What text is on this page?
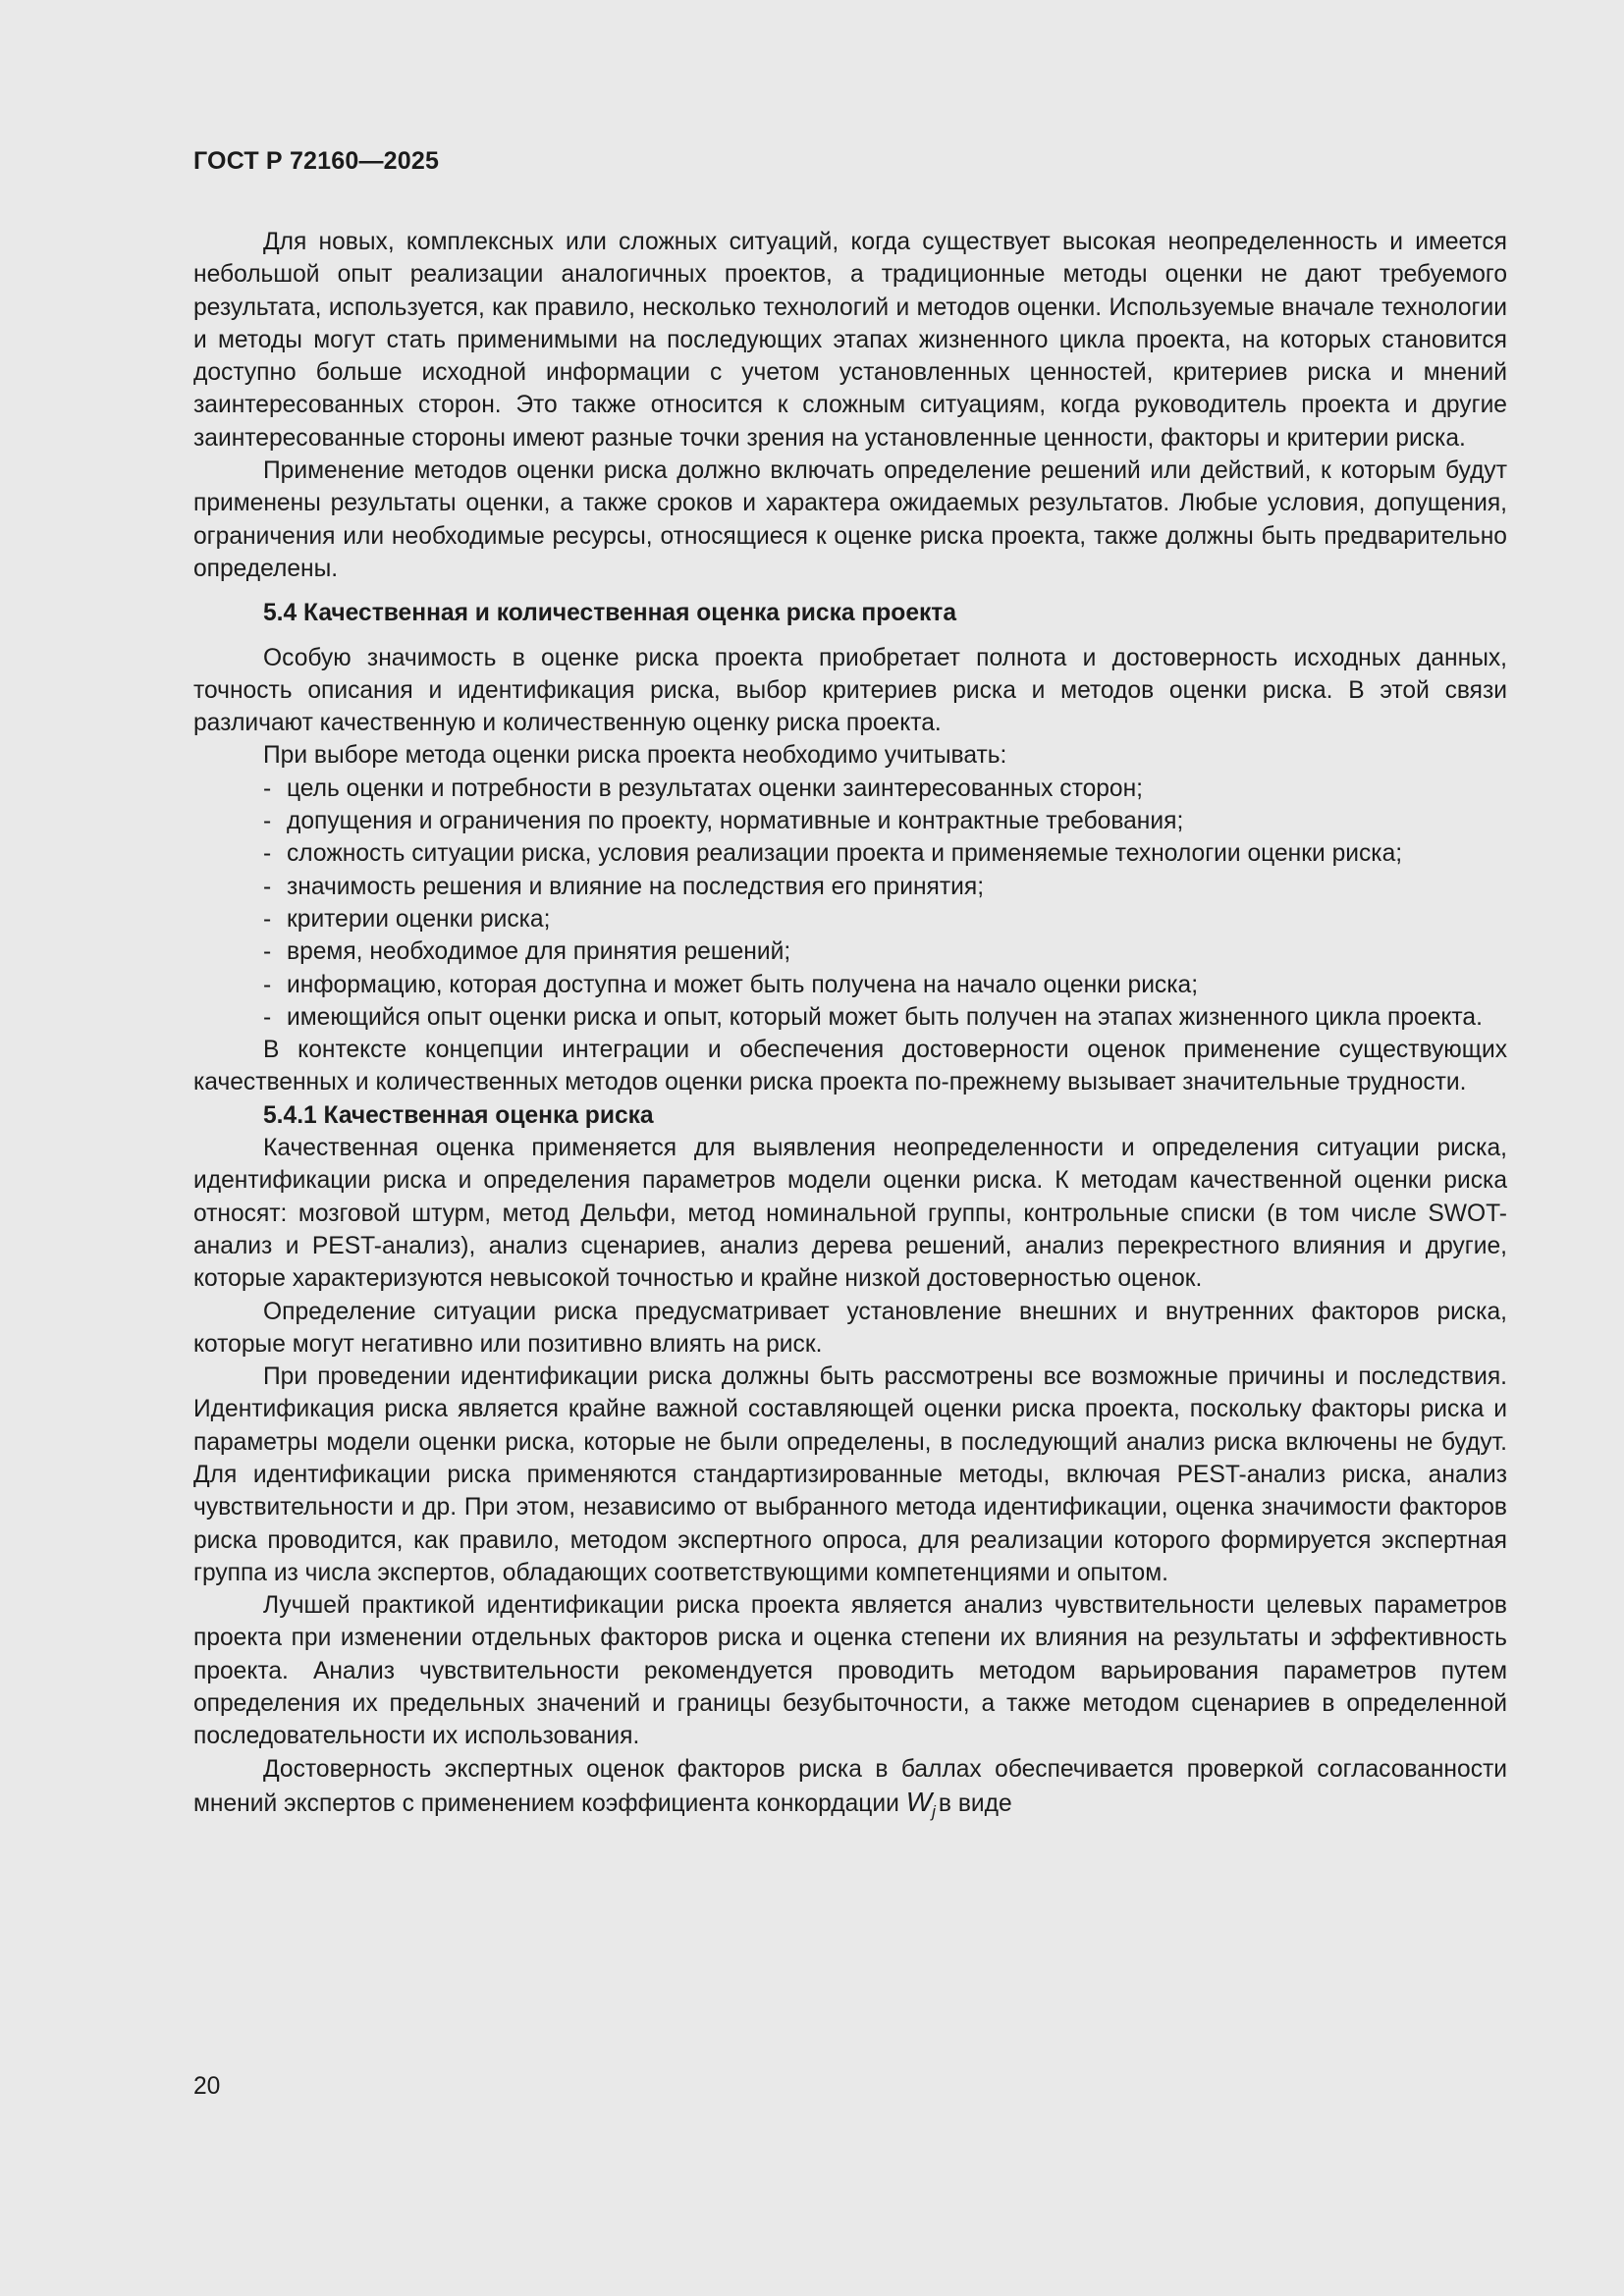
ГОСТ Р 72160—2025

Для новых, комплексных или сложных ситуаций, когда существует высокая неопределенность и имеется небольшой опыт реализации аналогичных проектов, а традиционные методы оценки не дают требуемого результата, используется, как правило, несколько технологий и методов оценки. Используемые вначале технологии и методы могут стать применимыми на последующих этапах жизненного цикла проекта, на которых становится доступно больше исходной информации с учетом установленных ценностей, критериев риска и мнений заинтересованных сторон. Это также относится к сложным ситуациям, когда руководитель проекта и другие заинтересованные стороны имеют разные точки зрения на установленные ценности, факторы и критерии риска.

Применение методов оценки риска должно включать определение решений или действий, к которым будут применены результаты оценки, а также сроков и характера ожидаемых результатов. Любые условия, допущения, ограничения или необходимые ресурсы, относящиеся к оценке риска проекта, также должны быть предварительно определены.

5.4 Качественная и количественная оценка риска проекта

Особую значимость в оценке риска проекта приобретает полнота и достоверность исходных данных, точность описания и идентификация риска, выбор критериев риска и методов оценки риска. В этой связи различают качественную и количественную оценку риска проекта.

При выборе метода оценки риска проекта необходимо учитывать:

- цель оценки и потребности в результатах оценки заинтересованных сторон;

- допущения и ограничения по проекту, нормативные и контрактные требования;

- сложность ситуации риска, условия реализации проекта и применяемые технологии оценки риска;

- значимость решения и влияние на последствия его принятия;

- критерии оценки риска;

- время, необходимое для принятия решений;

- информацию, которая доступна и может быть получена на начало оценки риска;

- имеющийся опыт оценки риска и опыт, который может быть получен на этапах жизненного цикла проекта.

В контексте концепции интеграции и обеспечения достоверности оценок применение существующих качественных и количественных методов оценки риска проекта по-прежнему вызывает значительные трудности.

5.4.1 Качественная оценка риска

Качественная оценка применяется для выявления неопределенности и определения ситуации риска, идентификации риска и определения параметров модели оценки риска. К методам качественной оценки риска относят: мозговой штурм, метод Дельфи, метод номинальной группы, контрольные списки (в том числе SWOT-анализ и PEST-анализ), анализ сценариев, анализ дерева решений, анализ перекрестного влияния и другие, которые характеризуются невысокой точностью и крайне низкой достоверностью оценок.

Определение ситуации риска предусматривает установление внешних и внутренних факторов риска, которые могут негативно или позитивно влиять на риск.

При проведении идентификации риска должны быть рассмотрены все возможные причины и последствия. Идентификация риска является крайне важной составляющей оценки риска проекта, поскольку факторы риска и параметры модели оценки риска, которые не были определены, в последующий анализ риска включены не будут. Для идентификации риска применяются стандартизированные методы, включая PEST-анализ риска, анализ чувствительности и др. При этом, независимо от выбранного метода идентификации, оценка значимости факторов риска проводится, как правило, методом экспертного опроса, для реализации которого формируется экспертная группа из числа экспертов, обладающих соответствующими компетенциями и опытом.

Лучшей практикой идентификации риска проекта является анализ чувствительности целевых параметров проекта при изменении отдельных факторов риска и оценка степени их влияния на результаты и эффективность проекта. Анализ чувствительности рекомендуется проводить методом варьирования параметров путем определения их предельных значений и границы безубыточности, а также методом сценариев в определенной последовательности их использования.

Достоверность экспертных оценок факторов риска в баллах обеспечивается проверкой согласованности мнений экспертов с применением коэффициента конкордации $W_j$ в виде

20
